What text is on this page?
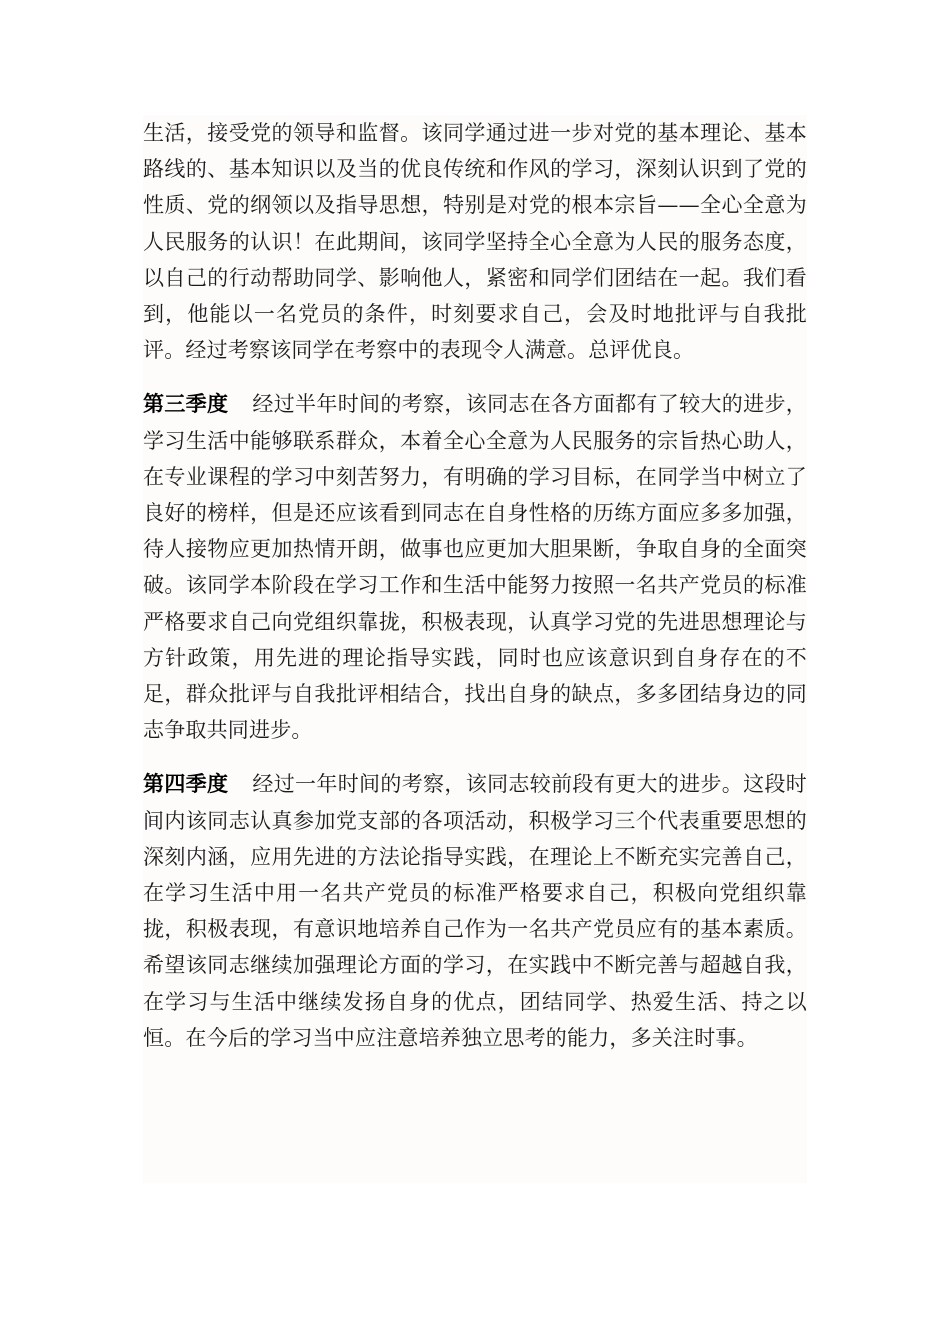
生活，接受党的领导和监督。该同学通过进一步对党的基本理论、基本路线的、基本知识以及当的优良传统和作风的学习，深刻认识到了党的性质、党的纲领以及指导思想，特别是对党的根本宗旨——全心全意为人民服务的认识！在此期间，该同学坚持全心全意为人民的服务态度，以自己的行动帮助同学、影响他人，紧密和同学们团结在一起。我们看到，他能以一名党员的条件，时刻要求自己，会及时地批评与自我批评。经过考察该同学在考察中的表现令人满意。总评优良。

第三季度 经过半年时间的考察，该同志在各方面都有了较大的进步，学习生活中能够联系群众，本着全心全意为人民服务的宗旨热心助人，在专业课程的学习中刻苦努力，有明确的学习目标，在同学当中树立了良好的榜样，但是还应该看到同志在自身性格的历练方面应多多加强，待人接物应更加热情开朗，做事也应更加大胆果断，争取自身的全面突破。该同学本阶段在学习工作和生活中能努力按照一名共产党员的标准严格要求自己向党组织靠拢，积极表现，认真学习党的先进思想理论与方针政策，用先进的理论指导实践，同时也应该意识到自身存在的不足，群众批评与自我批评相结合，找出自身的缺点，多多团结身边的同志争取共同进步。

第四季度 经过一年时间的考察，该同志较前段有更大的进步。这段时间内该同志认真参加党支部的各项活动，积极学习三个代表重要思想的深刻内涵，应用先进的方法论指导实践，在理论上不断充实完善自己，在学习生活中用一名共产党员的标准严格要求自己，积极向党组织靠拢，积极表现，有意识地培养自己作为一名共产党员应有的基本素质。希望该同志继续加强理论方面的学习，在实践中不断完善与超越自我，在学习与生活中继续发扬自身的优点，团结同学、热爱生活、持之以恒。在今后的学习当中应注意培养独立思考的能力，多关注时事。
